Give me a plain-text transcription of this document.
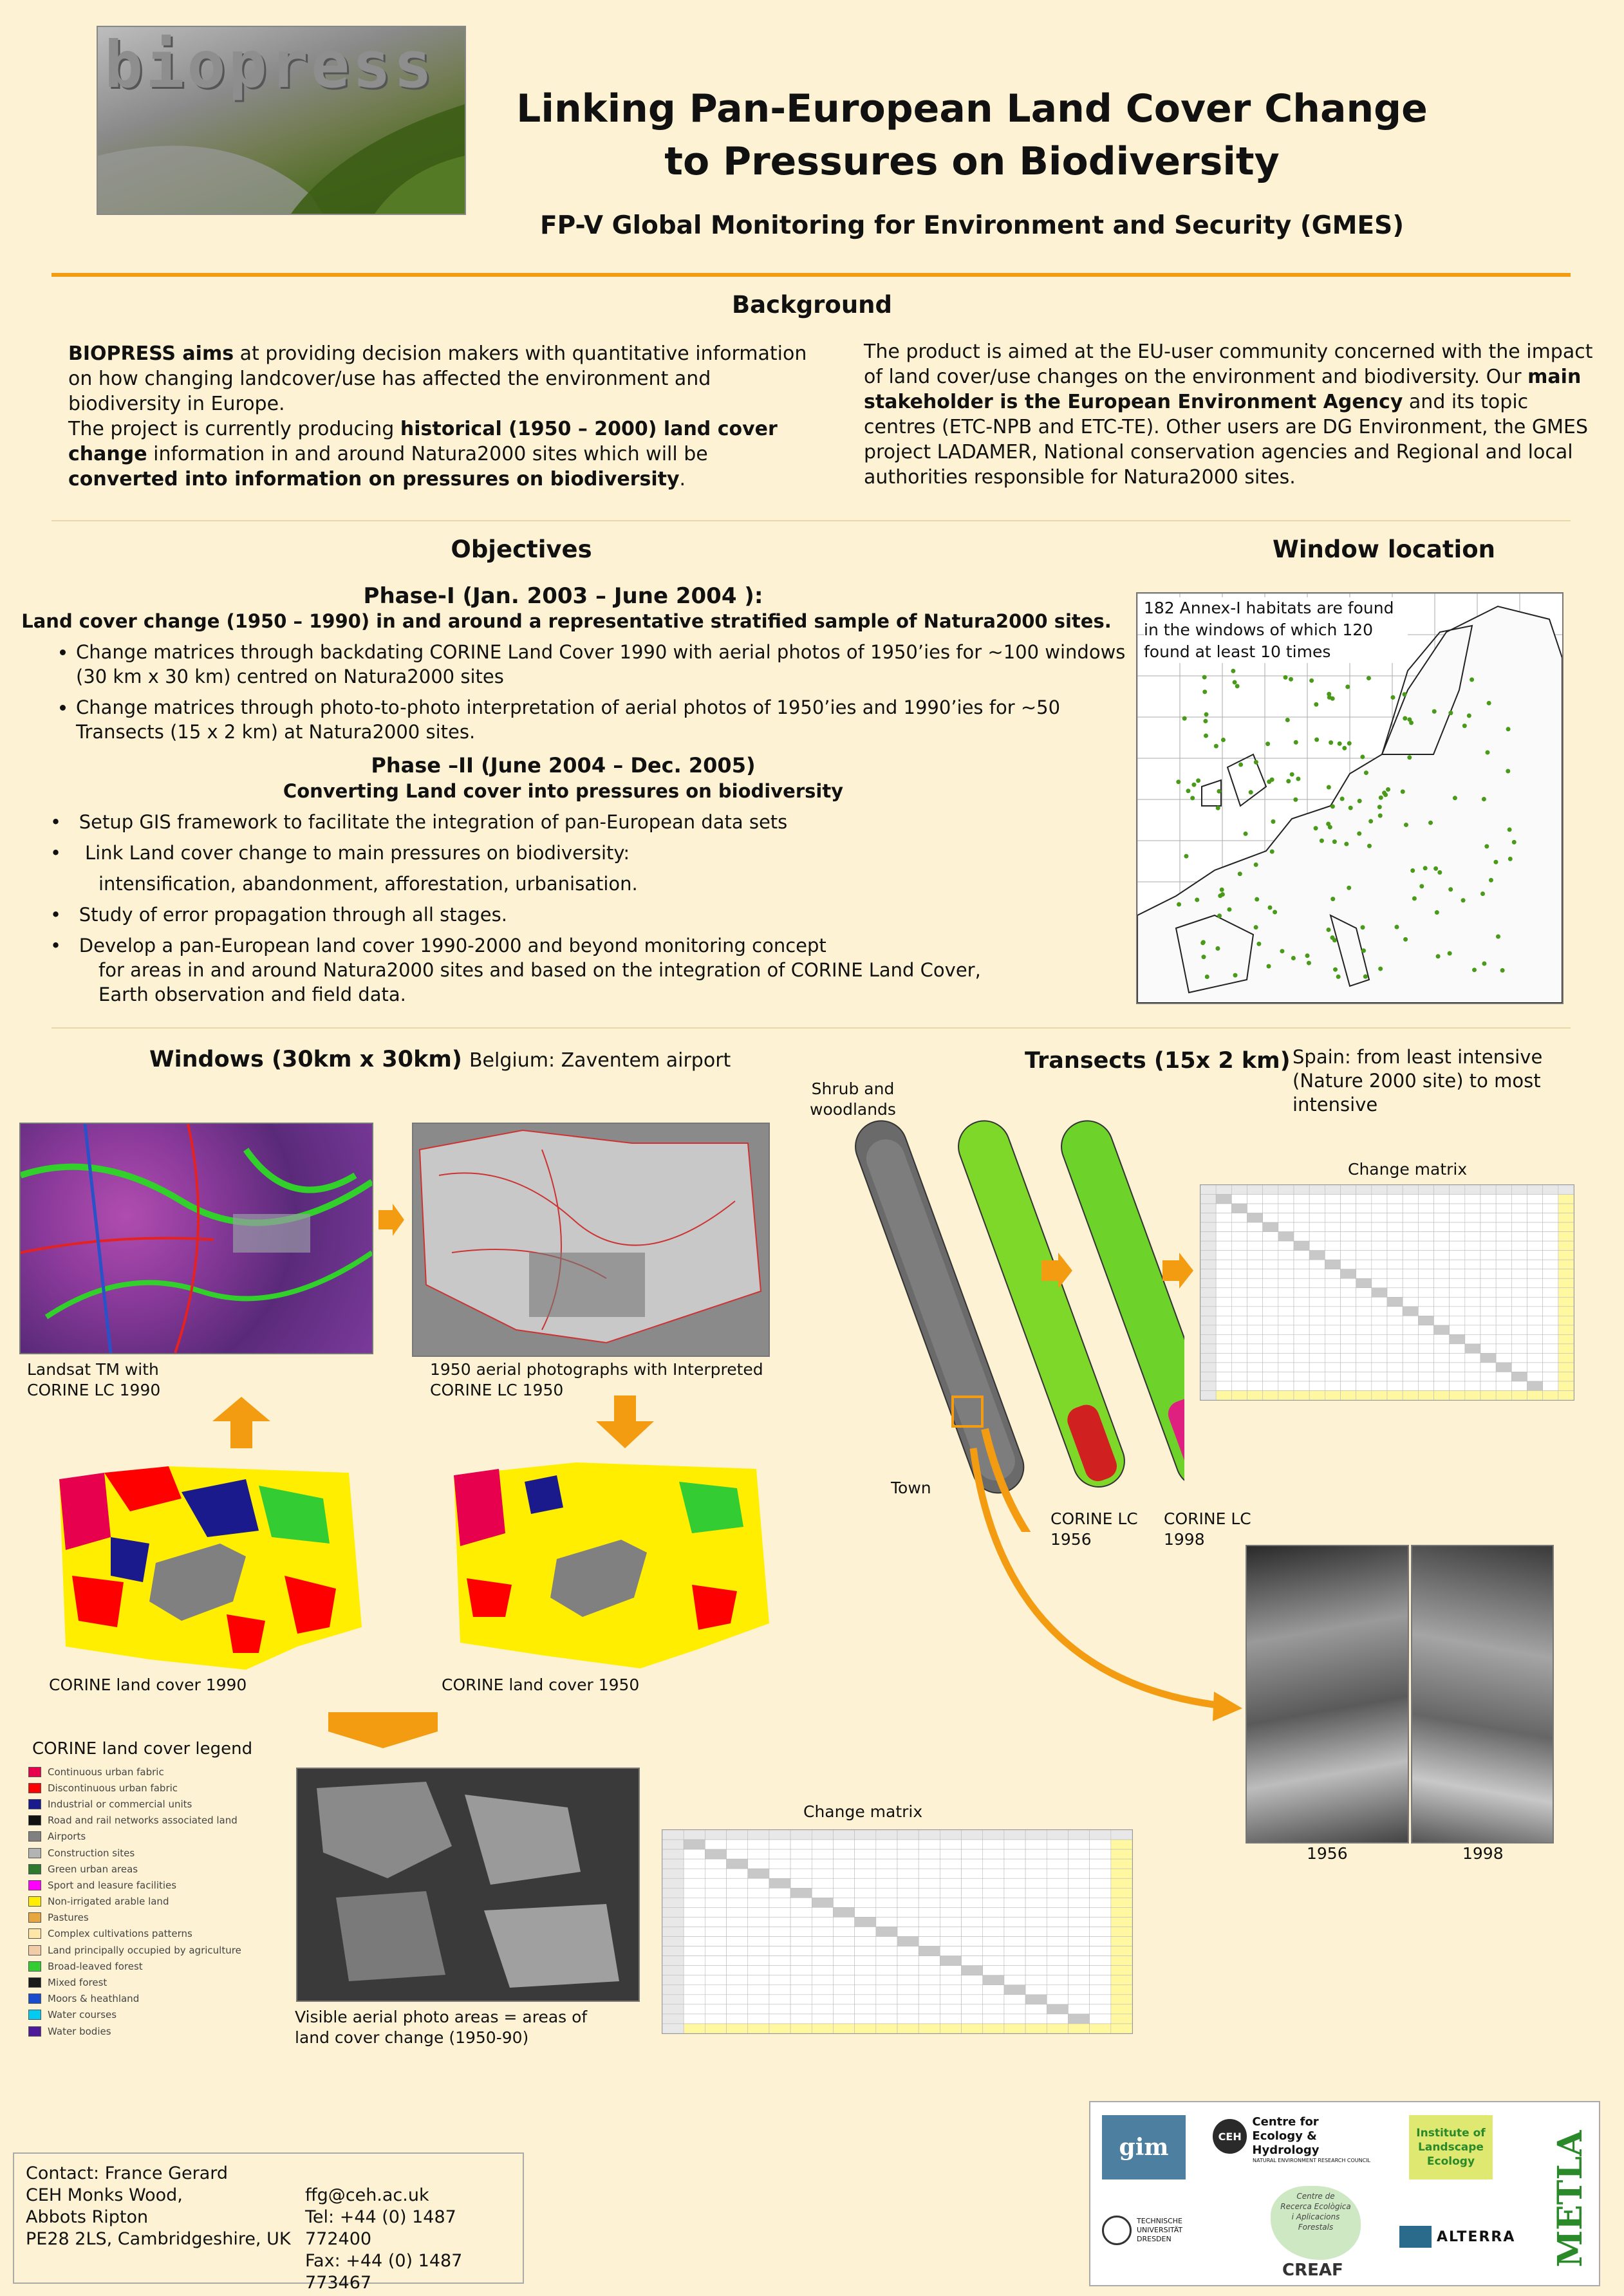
biopress
Linking Pan-European Land Cover Change
to Pressures on Biodiversity
FP-V Global Monitoring for Environment and Security (GMES)
Background
BIOPRESS aims at providing decision makers with quantitative information on how changing landcover/use has affected the environment and biodiversity in Europe.
The project is currently producing historical (1950 – 2000) land cover change information in and around Natura2000 sites which will be converted into information on pressures on biodiversity.
The product is aimed at the EU-user community concerned with the impact of land cover/use changes on the environment and biodiversity. Our main stakeholder is the European Environment Agency and its topic centres (ETC-NPB and ETC-TE). Other users are DG Environment, the GMES project LADAMER, National conservation agencies and Regional and local authorities responsible for Natura2000 sites.
Objectives	Window location
Phase-I (Jan. 2003 – June 2004 ):
Land cover change (1950 – 1990) in and around a representative stratified sample of Natura2000 sites.
• Change matrices through backdating CORINE Land Cover 1990 with aerial photos of 1950’ies for ~100 windows (30 km x 30 km) centred on Natura2000 sites
• Change matrices through photo-to-photo interpretation of aerial photos of 1950’ies and 1990’ies for ~50 Transects (15 x 2 km) at Natura2000 sites.
Phase –II (June 2004 – Dec. 2005)
Converting Land cover into pressures on biodiversity
•   Setup GIS framework to facilitate the integration of pan-European data sets
•    Link Land cover change to main pressures on biodiversity:
intensification, abandonment, afforestation, urbanisation.
•   Study of error propagation through all stages.
•   Develop a pan-European land cover 1990-2000 and beyond monitoring concept
for areas in and around Natura2000 sites and based on the integration of CORINE Land Cover,
Earth observation and field data.
182 Annex-I habitats are found in the windows of which 120 found at least 10 times
Windows (30km x 30km) Belgium: Zaventem airport
Landsat TM with CORINE LC 1990
1950 aerial photographs with Interpreted CORINE LC 1950
CORINE land cover 1990	CORINE land cover 1950
CORINE land cover legend
Continuous urban fabric
Discontinuous urban fabric
Industrial or commercial units
Road and rail networks associated land
Airports
Construction sites
Green urban areas
Sport and leasure facilities
Non-irrigated arable land
Pastures
Complex cultivations patterns
Land principally occupied by agriculture
Broad-leaved forest
Mixed forest
Moors & heathland
Water courses
Water bodies
Visible aerial photo areas = areas of land cover change (1950-90)
Change matrix
Transects (15x 2 km) Spain: from least intensive (Nature 2000 site) to most intensive
Shrub and woodlands
Town
CORINE LC 1956
CORINE LC 1998
Change matrix
1956	1998
Contact: France Gerard
CEH Monks Wood,
Abbots Ripton
PE28 2LS, Cambridgeshire, UK
ffg@ceh.ac.uk
Tel: +44 (0) 1487 772400
Fax: +44 (0) 1487 773467
gim	CEH
Centre for
Ecology & Hydrology
NATURAL ENVIRONMENT RESEARCH COUNCIL
Institute of Landscape Ecology	METLA
TECHNISCHE UNIVERSITÄT DRESDEN
Centre de Recerca Ecològica i Aplicacions Forestals
CREAF
ALTERRA
